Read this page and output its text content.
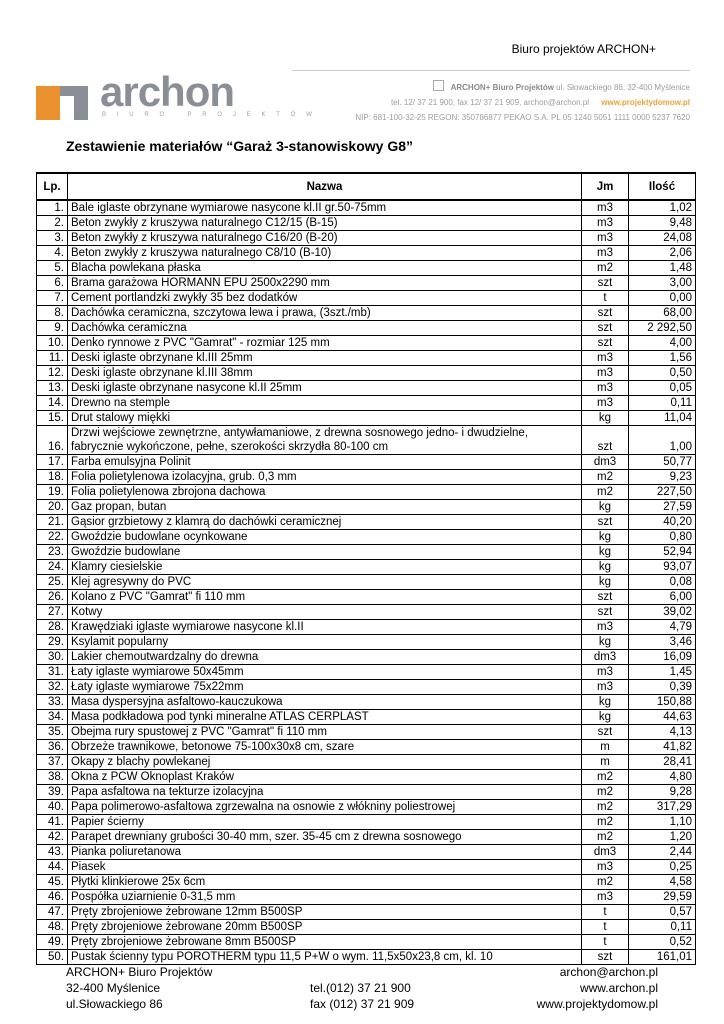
Biuro projektów ARCHON+
archon
BIURO PROJEKTÓW
ARCHON+ Biuro Projektów ul. Słowackiego 86, 32-400 Myślenice
tel. 12/ 37 21 900, fax 12/ 37 21 909, archon@archon.pl www.projektydomow.pl
NIP: 681-100-32-25 REGON: 350786877 PEKAO S.A. PL 05 1240 5051 1111 0000 5237 7620
Zestawienie materiałów “Garaż 3-stanowiskowy G8”
Lp.	Nazwa	Jm	Ilość
1.	Bale iglaste obrzynane wymiarowe nasycone kl.II gr.50-75mm	m3	1,02
2.	Beton zwykły z kruszywa naturalnego C12/15 (B-15)	m3	9,48
3.	Beton zwykły z kruszywa naturalnego C16/20 (B-20)	m3	24,08
4.	Beton zwykły z kruszywa naturalnego C8/10 (B-10)	m3	2,06
5.	Blacha powlekana płaska	m2	1,48
6.	Brama garażowa HORMANN EPU 2500x2290 mm	szt	3,00
7.	Cement portlandzki zwykły 35 bez dodatków	t	0,00
8.	Dachówka ceramiczna, szczytowa lewa i prawa, (3szt./mb)	szt	68,00
9.	Dachówka ceramiczna	szt	2 292,50
10.	Denko rynnowe z PVC "Gamrat" - rozmiar 125 mm	szt	4,00
11.	Deski iglaste obrzynane kl.III 25mm	m3	1,56
12.	Deski iglaste obrzynane kl.III 38mm	m3	0,50
13.	Deski iglaste obrzynane nasycone kl.II 25mm	m3	0,05
14.	Drewno na stemple	m3	0,11
15.	Drut stalowy miękki	kg	11,04
16.	Drzwi wejściowe zewnętrzne, antywłamaniowe, z drewna sosnowego jedno- i dwudzielne, fabrycznie wykończone, pełne, szerokości skrzydła 80-100 cm	szt	1,00
17.	Farba emulsyjna Polinit	dm3	50,77
18.	Folia polietylenowa izolacyjna, grub. 0,3 mm	m2	9,23
19.	Folia polietylenowa zbrojona dachowa	m2	227,50
20.	Gaz propan, butan	kg	27,59
21.	Gąsior grzbietowy z klamrą do dachówki ceramicznej	szt	40,20
22.	Gwoździe budowlane ocynkowane	kg	0,80
23.	Gwoździe budowlane	kg	52,94
24.	Klamry ciesielskie	kg	93,07
25.	Klej agresywny do PVC	kg	0,08
26.	Kolano z PVC "Gamrat" fi 110 mm	szt	6,00
27.	Kotwy	szt	39,02
28.	Krawędziaki iglaste wymiarowe nasycone kl.II	m3	4,79
29.	Ksylamit popularny	kg	3,46
30.	Lakier chemoutwardzalny do drewna	dm3	16,09
31.	Łaty iglaste wymiarowe 50x45mm	m3	1,45
32.	Łaty iglaste wymiarowe 75x22mm	m3	0,39
33.	Masa dyspersyjna asfaltowo-kauczukowa	kg	150,88
34.	Masa podkładowa pod tynki mineralne ATLAS CERPLAST	kg	44,63
35.	Obejma rury spustowej z PVC "Gamrat" fi 110 mm	szt	4,13
36.	Obrzeże trawnikowe, betonowe 75-100x30x8 cm, szare	m	41,82
37.	Okapy z blachy powlekanej	m	28,41
38.	Okna z PCW Oknoplast Kraków	m2	4,80
39.	Papa asfaltowa na tekturze izolacyjna	m2	9,28
40.	Papa polimerowo-asfaltowa zgrzewalna na osnowie z włókniny poliestrowej	m2	317,29
41.	Papier ścierny	m2	1,10
42.	Parapet drewniany grubości 30-40 mm, szer. 35-45 cm z drewna sosnowego	m2	1,20
43.	Pianka poliuretanowa	dm3	2,44
44.	Piasek	m3	0,25
45.	Płytki klinkierowe 25x 6cm	m2	4,58
46.	Pospółka uziarnienie 0-31,5 mm	m3	29,59
47.	Pręty zbrojeniowe żebrowane 12mm B500SP	t	0,57
48.	Pręty zbrojeniowe żebrowane 20mm B500SP	t	0,11
49.	Pręty zbrojeniowe żebrowane 8mm B500SP	t	0,52
50.	Pustak ścienny typu POROTHERM typu 11,5 P+W o wym. 11,5x50x23,8 cm, kl. 10	szt	161,01
ARCHON+ Biuro Projektów
32-400 Myślenice
ul.Słowackiego 86
tel.(012) 37 21 900
fax (012) 37 21 909
archon@archon.pl
www.archon.pl
www.projektydomow.pl
